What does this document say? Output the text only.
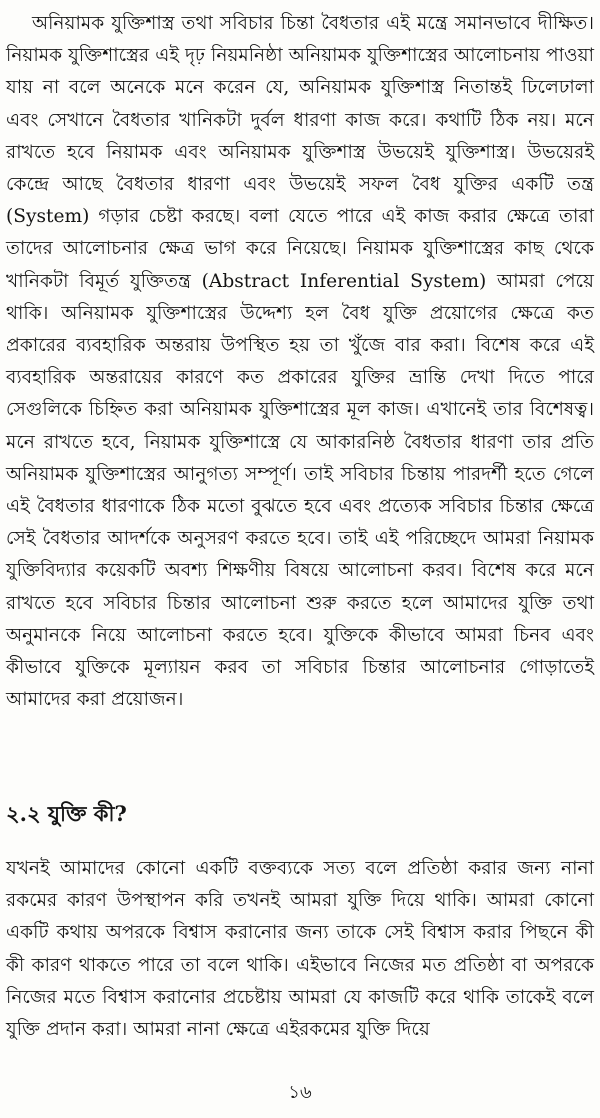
অনিয়ামক যুক্তিশাস্ত্র তথা সবিচার চিন্তা বৈধতার এই মন্ত্রে সমানভাবে দীক্ষিত। নিয়ামক যুক্তিশাস্ত্রের এই দৃঢ় নিয়মনিষ্ঠা অনিয়ামক যুক্তিশাস্ত্রের আলোচনায় পাওয়া যায় না বলে অনেকে মনে করেন যে, অনিয়ামক যুক্তিশাস্ত্র নিতান্তই ঢিলেঢালা এবং সেখানে বৈধতার খানিকটা দুর্বল ধারণা কাজ করে। কথাটি ঠিক নয়। মনে রাখতে হবে নিয়ামক এবং অনিয়ামক যুক্তিশাস্ত্র উভয়েই যুক্তিশাস্ত্র। উভয়েরই কেন্দ্রে আছে বৈধতার ধারণা এবং উভয়েই সফল বৈধ যুক্তির একটি তন্ত্র (System) গড়ার চেষ্টা করছে। বলা যেতে পারে এই কাজ করার ক্ষেত্রে তারা তাদের আলোচনার ক্ষেত্র ভাগ করে নিয়েছে। নিয়ামক যুক্তিশাস্ত্রের কাছ থেকে খানিকটা বিমূর্ত যুক্তিতন্ত্র (Abstract Inferential System) আমরা পেয়ে থাকি। অনিয়ামক যুক্তিশাস্ত্রের উদ্দেশ্য হল বৈধ যুক্তি প্রয়োগের ক্ষেত্রে কত প্রকারের ব্যবহারিক অন্তরায় উপস্থিত হয় তা খুঁজে বার করা। বিশেষ করে এই ব্যবহারিক অন্তরায়ের কারণে কত প্রকারের যুক্তির ভ্রান্তি দেখা দিতে পারে সেগুলিকে চিহ্নিত করা অনিয়ামক যুক্তিশাস্ত্রের মূল কাজ। এখানেই তার বিশেষত্ব। মনে রাখতে হবে, নিয়ামক যুক্তিশাস্ত্রে যে আকারনিষ্ঠ বৈধতার ধারণা তার প্রতি অনিয়ামক যুক্তিশাস্ত্রের আনুগত্য সম্পূর্ণ। তাই সবিচার চিন্তায় পারদর্শী হতে গেলে এই বৈধতার ধারণাকে ঠিক মতো বুঝতে হবে এবং প্রত্যেক সবিচার চিন্তার ক্ষেত্রে সেই বৈধতার আদর্শকে অনুসরণ করতে হবে। তাই এই পরিচ্ছেদে আমরা নিয়ামক যুক্তিবিদ্যার কয়েকটি অবশ্য শিক্ষণীয় বিষয়ে আলোচনা করব। বিশেষ করে মনে রাখতে হবে সবিচার চিন্তার আলোচনা শুরু করতে হলে আমাদের যুক্তি তথা অনুমানকে নিয়ে আলোচনা করতে হবে। যুক্তিকে কীভাবে আমরা চিনব এবং কীভাবে যুক্তিকে মূল্যায়ন করব তা সবিচার চিন্তার আলোচনার গোড়াতেই আমাদের করা প্রয়োজন।

২.২ যুক্তি কী?

যখনই আমাদের কোনো একটি বক্তব্যকে সত্য বলে প্রতিষ্ঠা করার জন্য নানা রকমের কারণ উপস্থাপন করি তখনই আমরা যুক্তি দিয়ে থাকি। আমরা কোনো একটি কথায় অপরকে বিশ্বাস করানোর জন্য তাকে সেই বিশ্বাস করার পিছনে কী কী কারণ থাকতে পারে তা বলে থাকি। এইভাবে নিজের মত প্রতিষ্ঠা বা অপরকে নিজের মতে বিশ্বাস করানোর প্রচেষ্টায় আমরা যে কাজটি করে থাকি তাকেই বলে যুক্তি প্রদান করা। আমরা নানা ক্ষেত্রে এইরকমের যুক্তি দিয়ে

১৬
